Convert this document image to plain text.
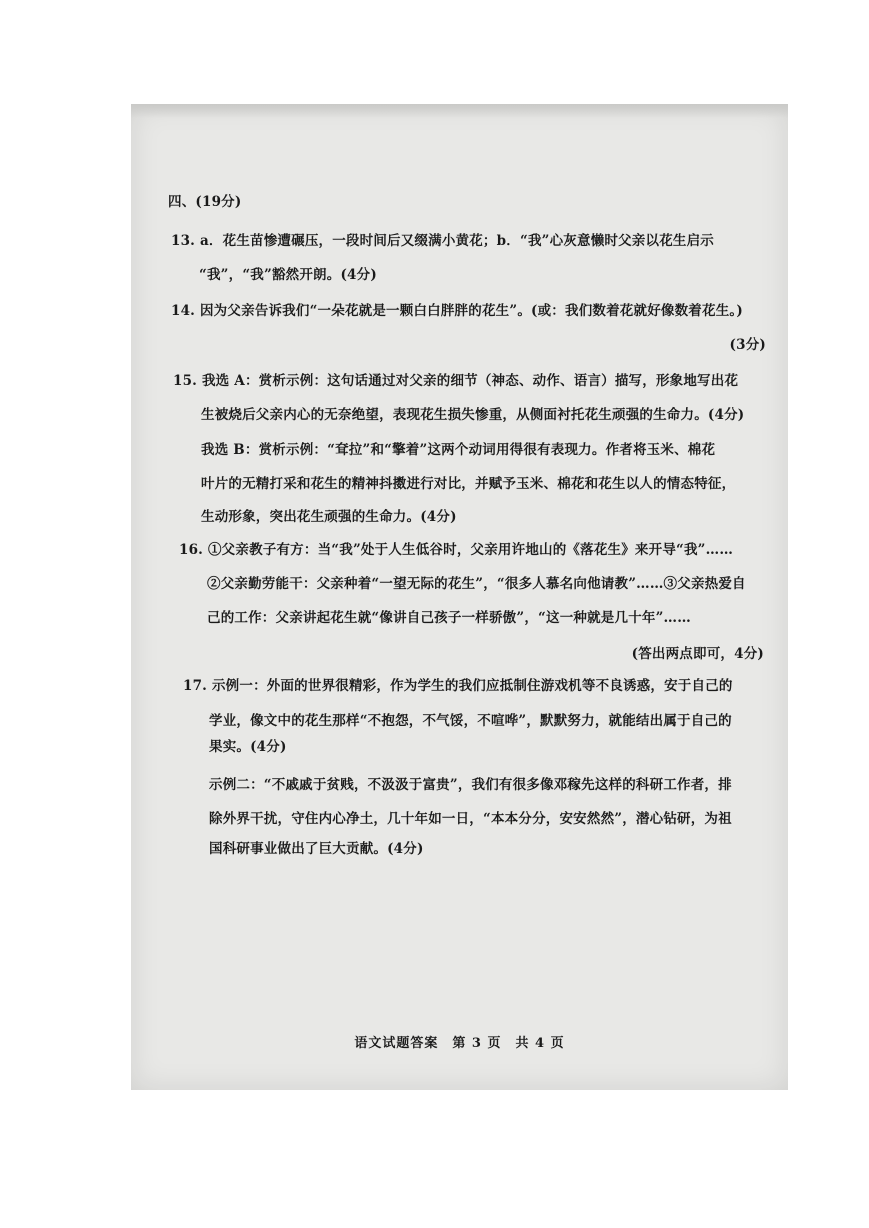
四、(19分)
13. a．花生苗惨遭碾压，一段时间后又缀满小黄花；b．“我”心灰意懒时父亲以花生启示
“我”，“我”豁然开朗。(4分)
14. 因为父亲告诉我们“一朵花就是一颗白白胖胖的花生”。(或：我们数着花就好像数着花生。)
(3分)
15. 我选 A：赏析示例：这句话通过对父亲的细节（神态、动作、语言）描写，形象地写出花
生被烧后父亲内心的无奈绝望，表现花生损失惨重，从侧面衬托花生顽强的生命力。(4分)
我选 B：赏析示例：“耷拉”和“擎着”这两个动词用得很有表现力。作者将玉米、棉花
叶片的无精打采和花生的精神抖擞进行对比，并赋予玉米、棉花和花生以人的情态特征，
生动形象，突出花生顽强的生命力。(4分)
16. ①父亲教子有方：当“我”处于人生低谷时，父亲用许地山的《落花生》来开导“我”……
②父亲勤劳能干：父亲种着“一望无际的花生”，“很多人慕名向他请教”……③父亲热爱自
己的工作：父亲讲起花生就“像讲自己孩子一样骄傲”，“这一种就是几十年”……
(答出两点即可，4分)
17. 示例一：外面的世界很精彩，作为学生的我们应抵制住游戏机等不良诱惑，安于自己的
学业，像文中的花生那样“不抱怨，不气馁，不喧哗”，默默努力，就能结出属于自己的
果实。(4分)
示例二：“不戚戚于贫贱，不汲汲于富贵”，我们有很多像邓稼先这样的科研工作者，排
除外界干扰，守住内心净土，几十年如一日，“本本分分，安安然然”，潜心钻研，为祖
国科研事业做出了巨大贡献。(4分)
语文试题答案　第 3 页　共 4 页
